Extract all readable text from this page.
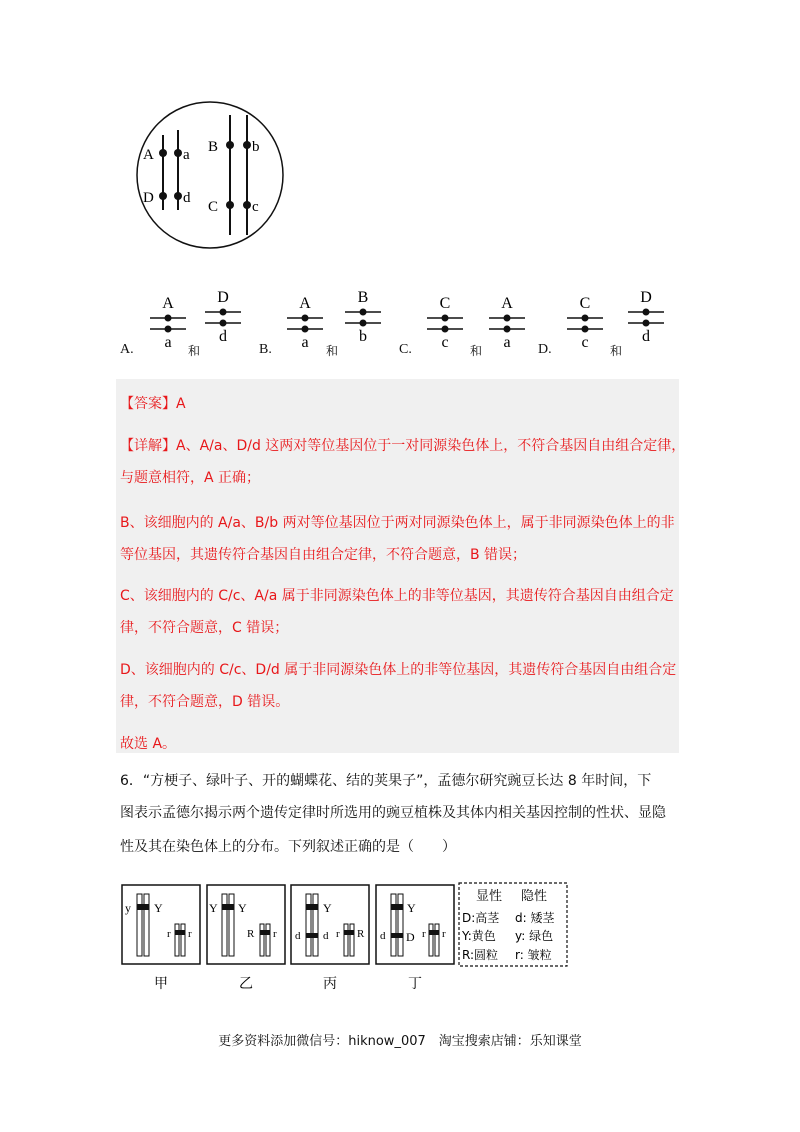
A a
D d
B b
C c
A.
A
a 和
D
d
B.
A
a 和
B
b
C.
C
c 和
A
a D.
C
c 和
D
d
【答案】A
【详解】A、A/a、D/d 这两对等位基因位于一对同源染色体上，不符合基因自由组合定律，
与题意相符，A 正确；
B、该细胞内的 A/a、B/b 两对等位基因位于两对同源染色体上，属于非同源染色体上的非
等位基因，其遗传符合基因自由组合定律，不符合题意，B 错误；
C、该细胞内的 C/c、A/a 属于非同源染色体上的非等位基因，其遗传符合基因自由组合定
律，不符合题意，C 错误；
D、该细胞内的 C/c、D/d 属于非同源染色体上的非等位基因，其遗传符合基因自由组合定
律，不符合题意，D 错误。
故选 A。
6．“方梗子、绿叶子、开的蝴蝶花、结的荚果子”，孟德尔研究豌豆长达 8 年时间，下
图表示孟德尔揭示两个遗传定律时所选用的豌豆植株及其体内相关基因控制的性状、显隐
性及其在染色体上的分布。下列叙述正确的是（　　）
y Y
r r
甲
Y Y
R r
乙
d
Y
d r R
丙
Y
d D r r
丁
显性 隐性
D:高茎 d: 矮茎
Y:黄色 y: 绿色
R:圆粒 r: 皱粒
更多资料添加微信号：hiknow_007　淘宝搜索店铺：乐知课堂
